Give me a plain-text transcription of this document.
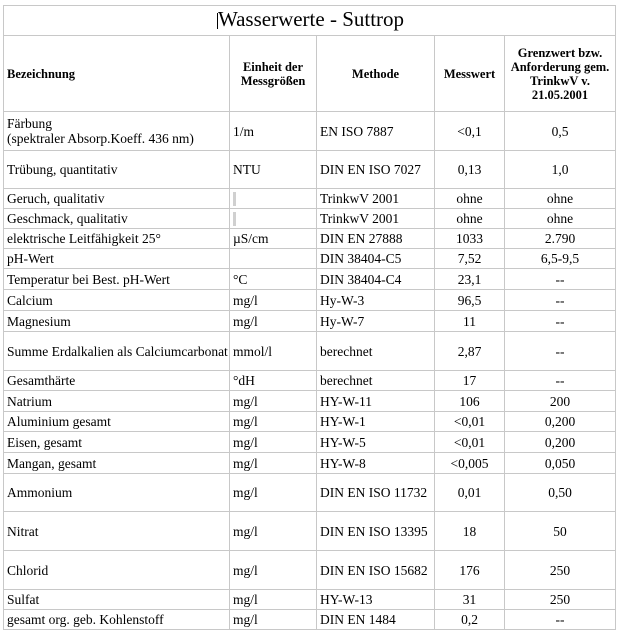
Wasserwerte - Suttrop				
Bezeichnung	Einheit der Messgrößen	Methode	Messwert	Grenzwert bzw. Anforderung gem. TrinkwV v. 21.05.2001

Färbung
(spektraler Absorp.Koeff. 436 nm)	1/m	EN ISO 7887	<0,1	0,5
Trübung, quantitativ	NTU	DIN EN ISO 7027	0,13	1,0
Geruch, qualitativ		TrinkwV 2001	ohne	ohne
Geschmack, qualitativ		TrinkwV 2001	ohne	ohne
elektrische Leitfähigkeit 25°	µS/cm	DIN EN 27888	1033	2.790
pH-Wert		DIN 38404-C5	7,52	6,5-9,5
Temperatur bei Best. pH-Wert	°C	DIN 38404-C4	23,1	--
Calcium	mg/l	Hy-W-3	96,5	--
Magnesium	mg/l	Hy-W-7	11	--
Summe Erdalkalien als Calciumcarbonat	mmol/l	berechnet	2,87	--
Gesamthärte	°dH	berechnet	17	--
Natrium	mg/l	HY-W-11	106	200
Aluminium gesamt	mg/l	HY-W-1	<0,01	0,200
Eisen, gesamt	mg/l	HY-W-5	<0,01	0,200
Mangan, gesamt	mg/l	HY-W-8	<0,005	0,050
Ammonium	mg/l	DIN EN ISO 11732	0,01	0,50
Nitrat	mg/l	DIN EN ISO 13395	18	50
Chlorid	mg/l	DIN EN ISO 15682	176	250
Sulfat	mg/l	HY-W-13	31	250
gesamt org. geb. Kohlenstoff	mg/l	DIN EN 1484	0,2	--
